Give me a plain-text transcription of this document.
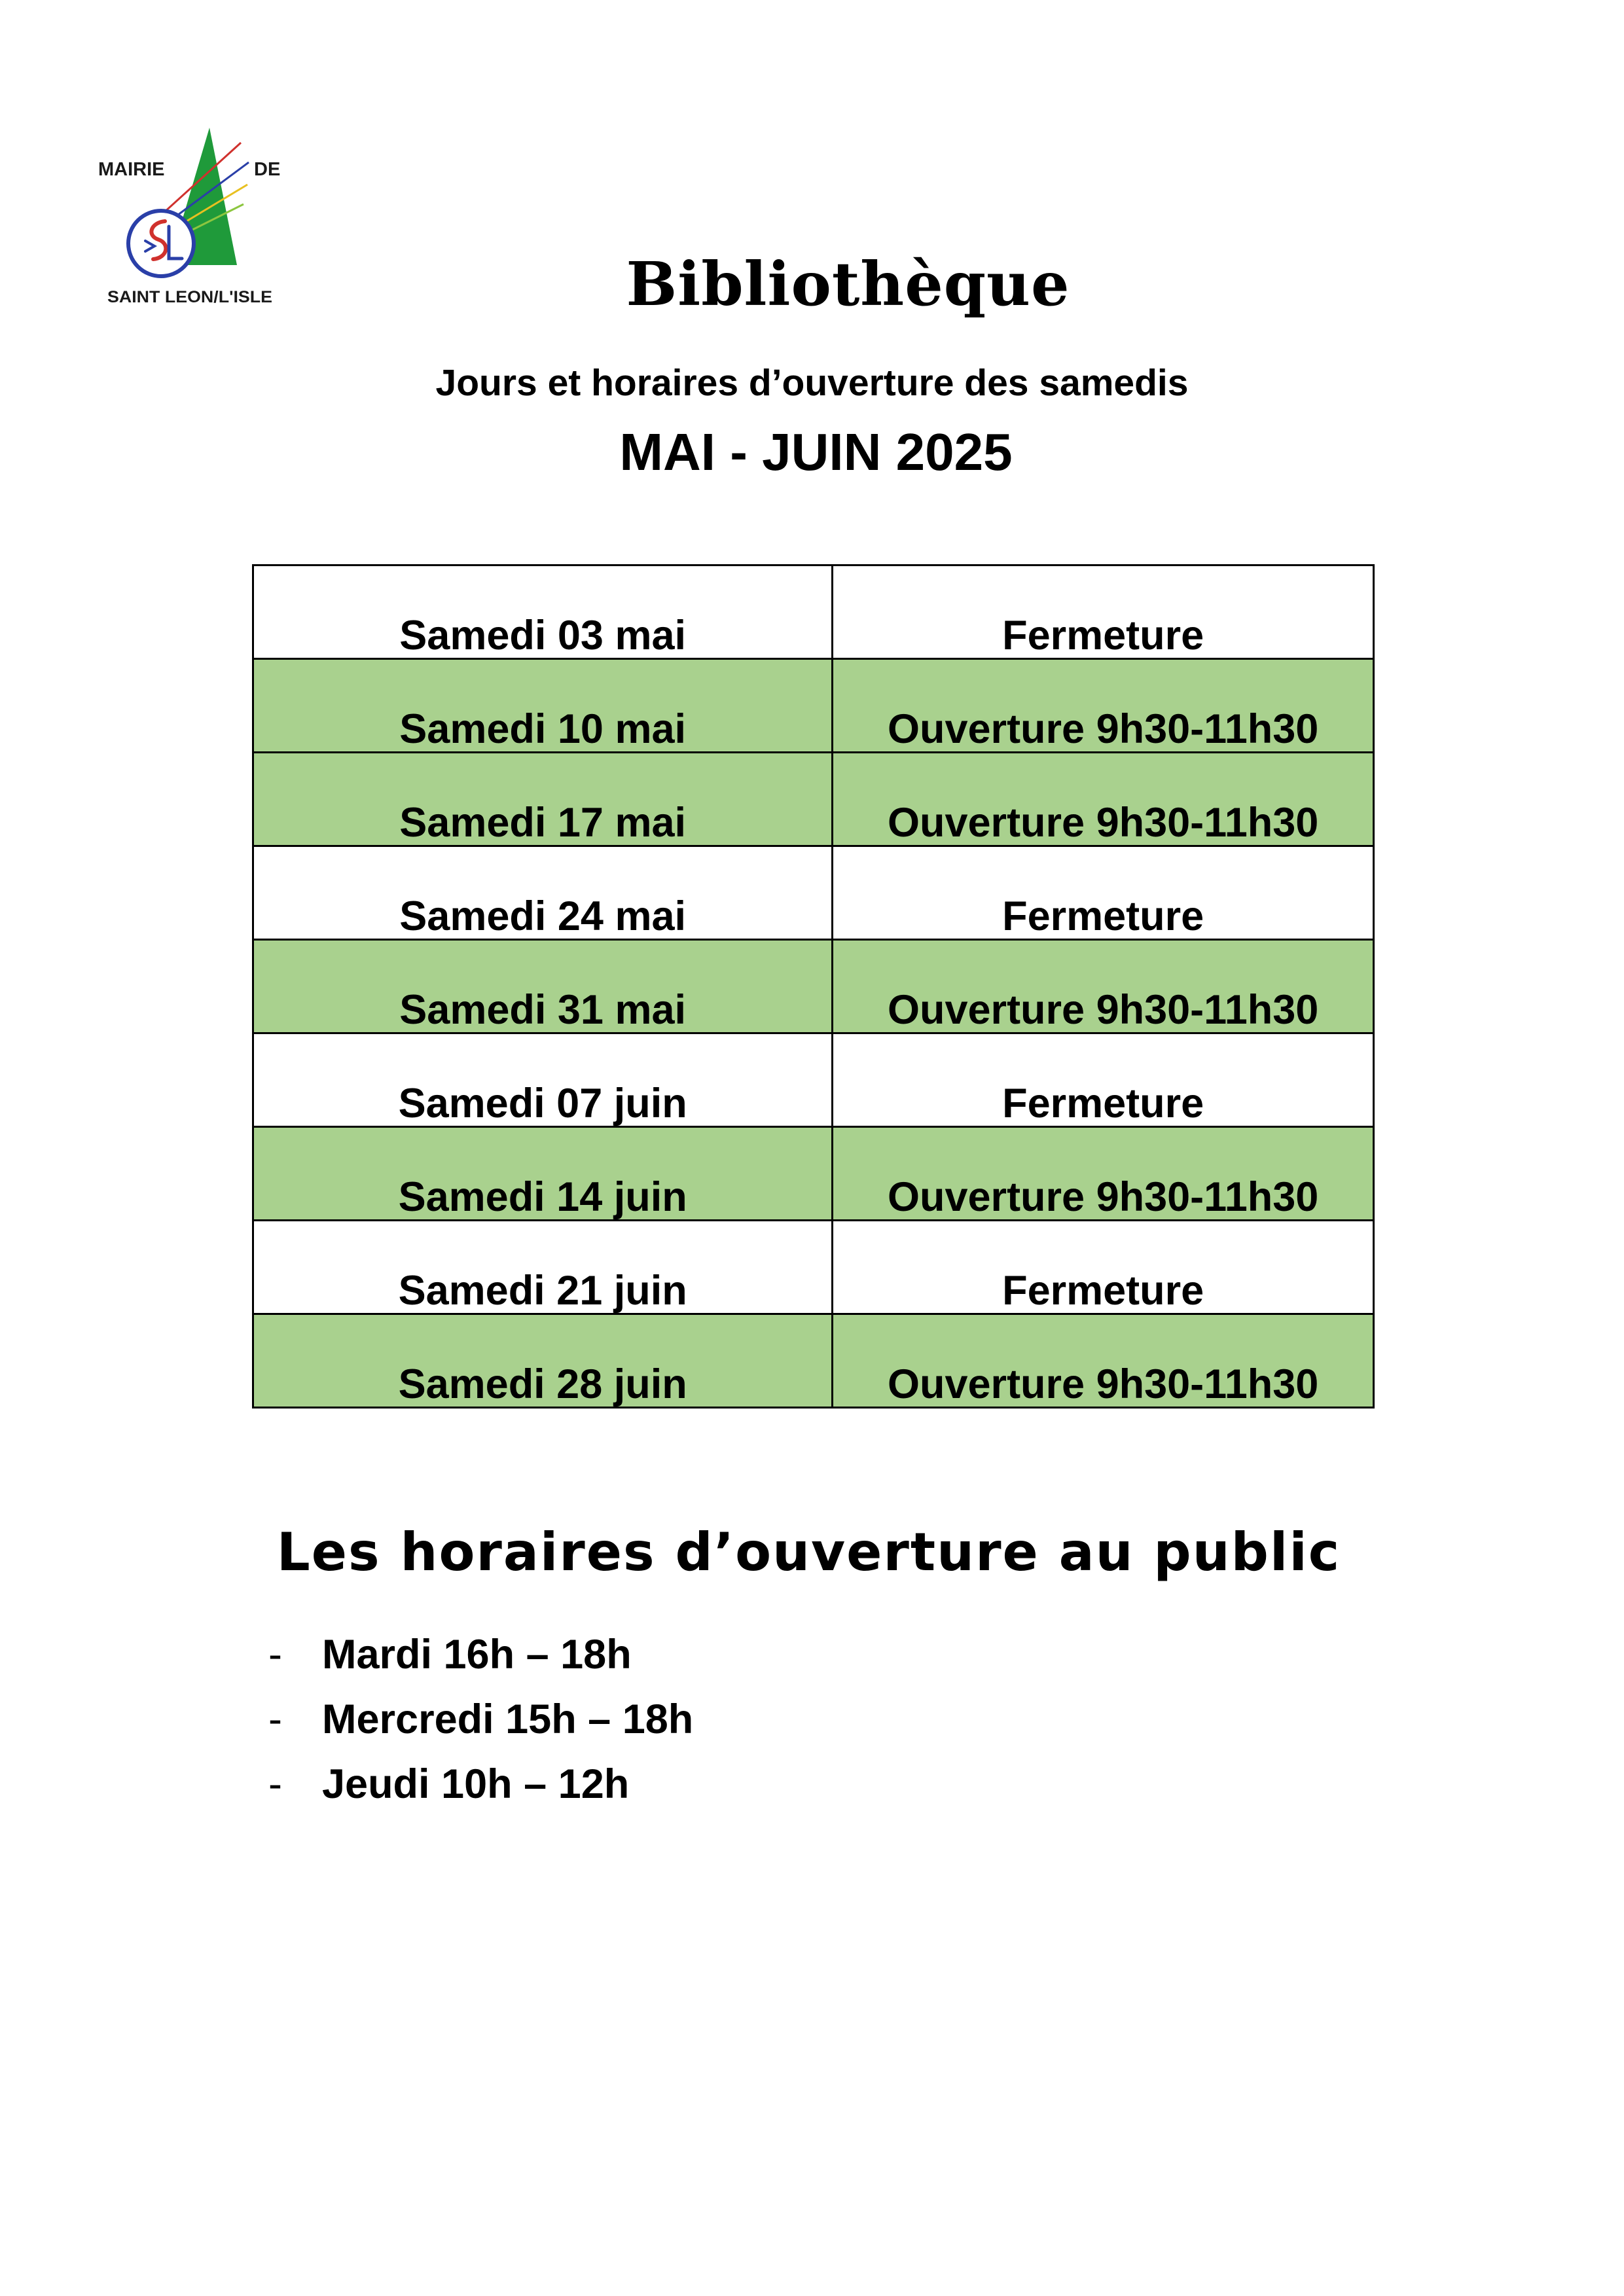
MAIRIE	DE
SAINT LEON/L'ISLE	Bibliothèque
Jours et horaires d’ouverture des samedis
MAI - JUIN 2025
Samedi 03 mai	Fermeture
Samedi 10 mai	Ouverture 9h30-11h30
Samedi 17 mai	Ouverture 9h30-11h30
Samedi 24 mai	Fermeture
Samedi 31 mai	Ouverture 9h30-11h30
Samedi 07 juin	Fermeture
Samedi 14 juin	Ouverture 9h30-11h30
Samedi 21 juin	Fermeture
Samedi 28 juin	Ouverture 9h30-11h30
Les horaires d’ouverture au public
- Mardi 16h – 18h
- Mercredi 15h – 18h
- Jeudi 10h – 12h
